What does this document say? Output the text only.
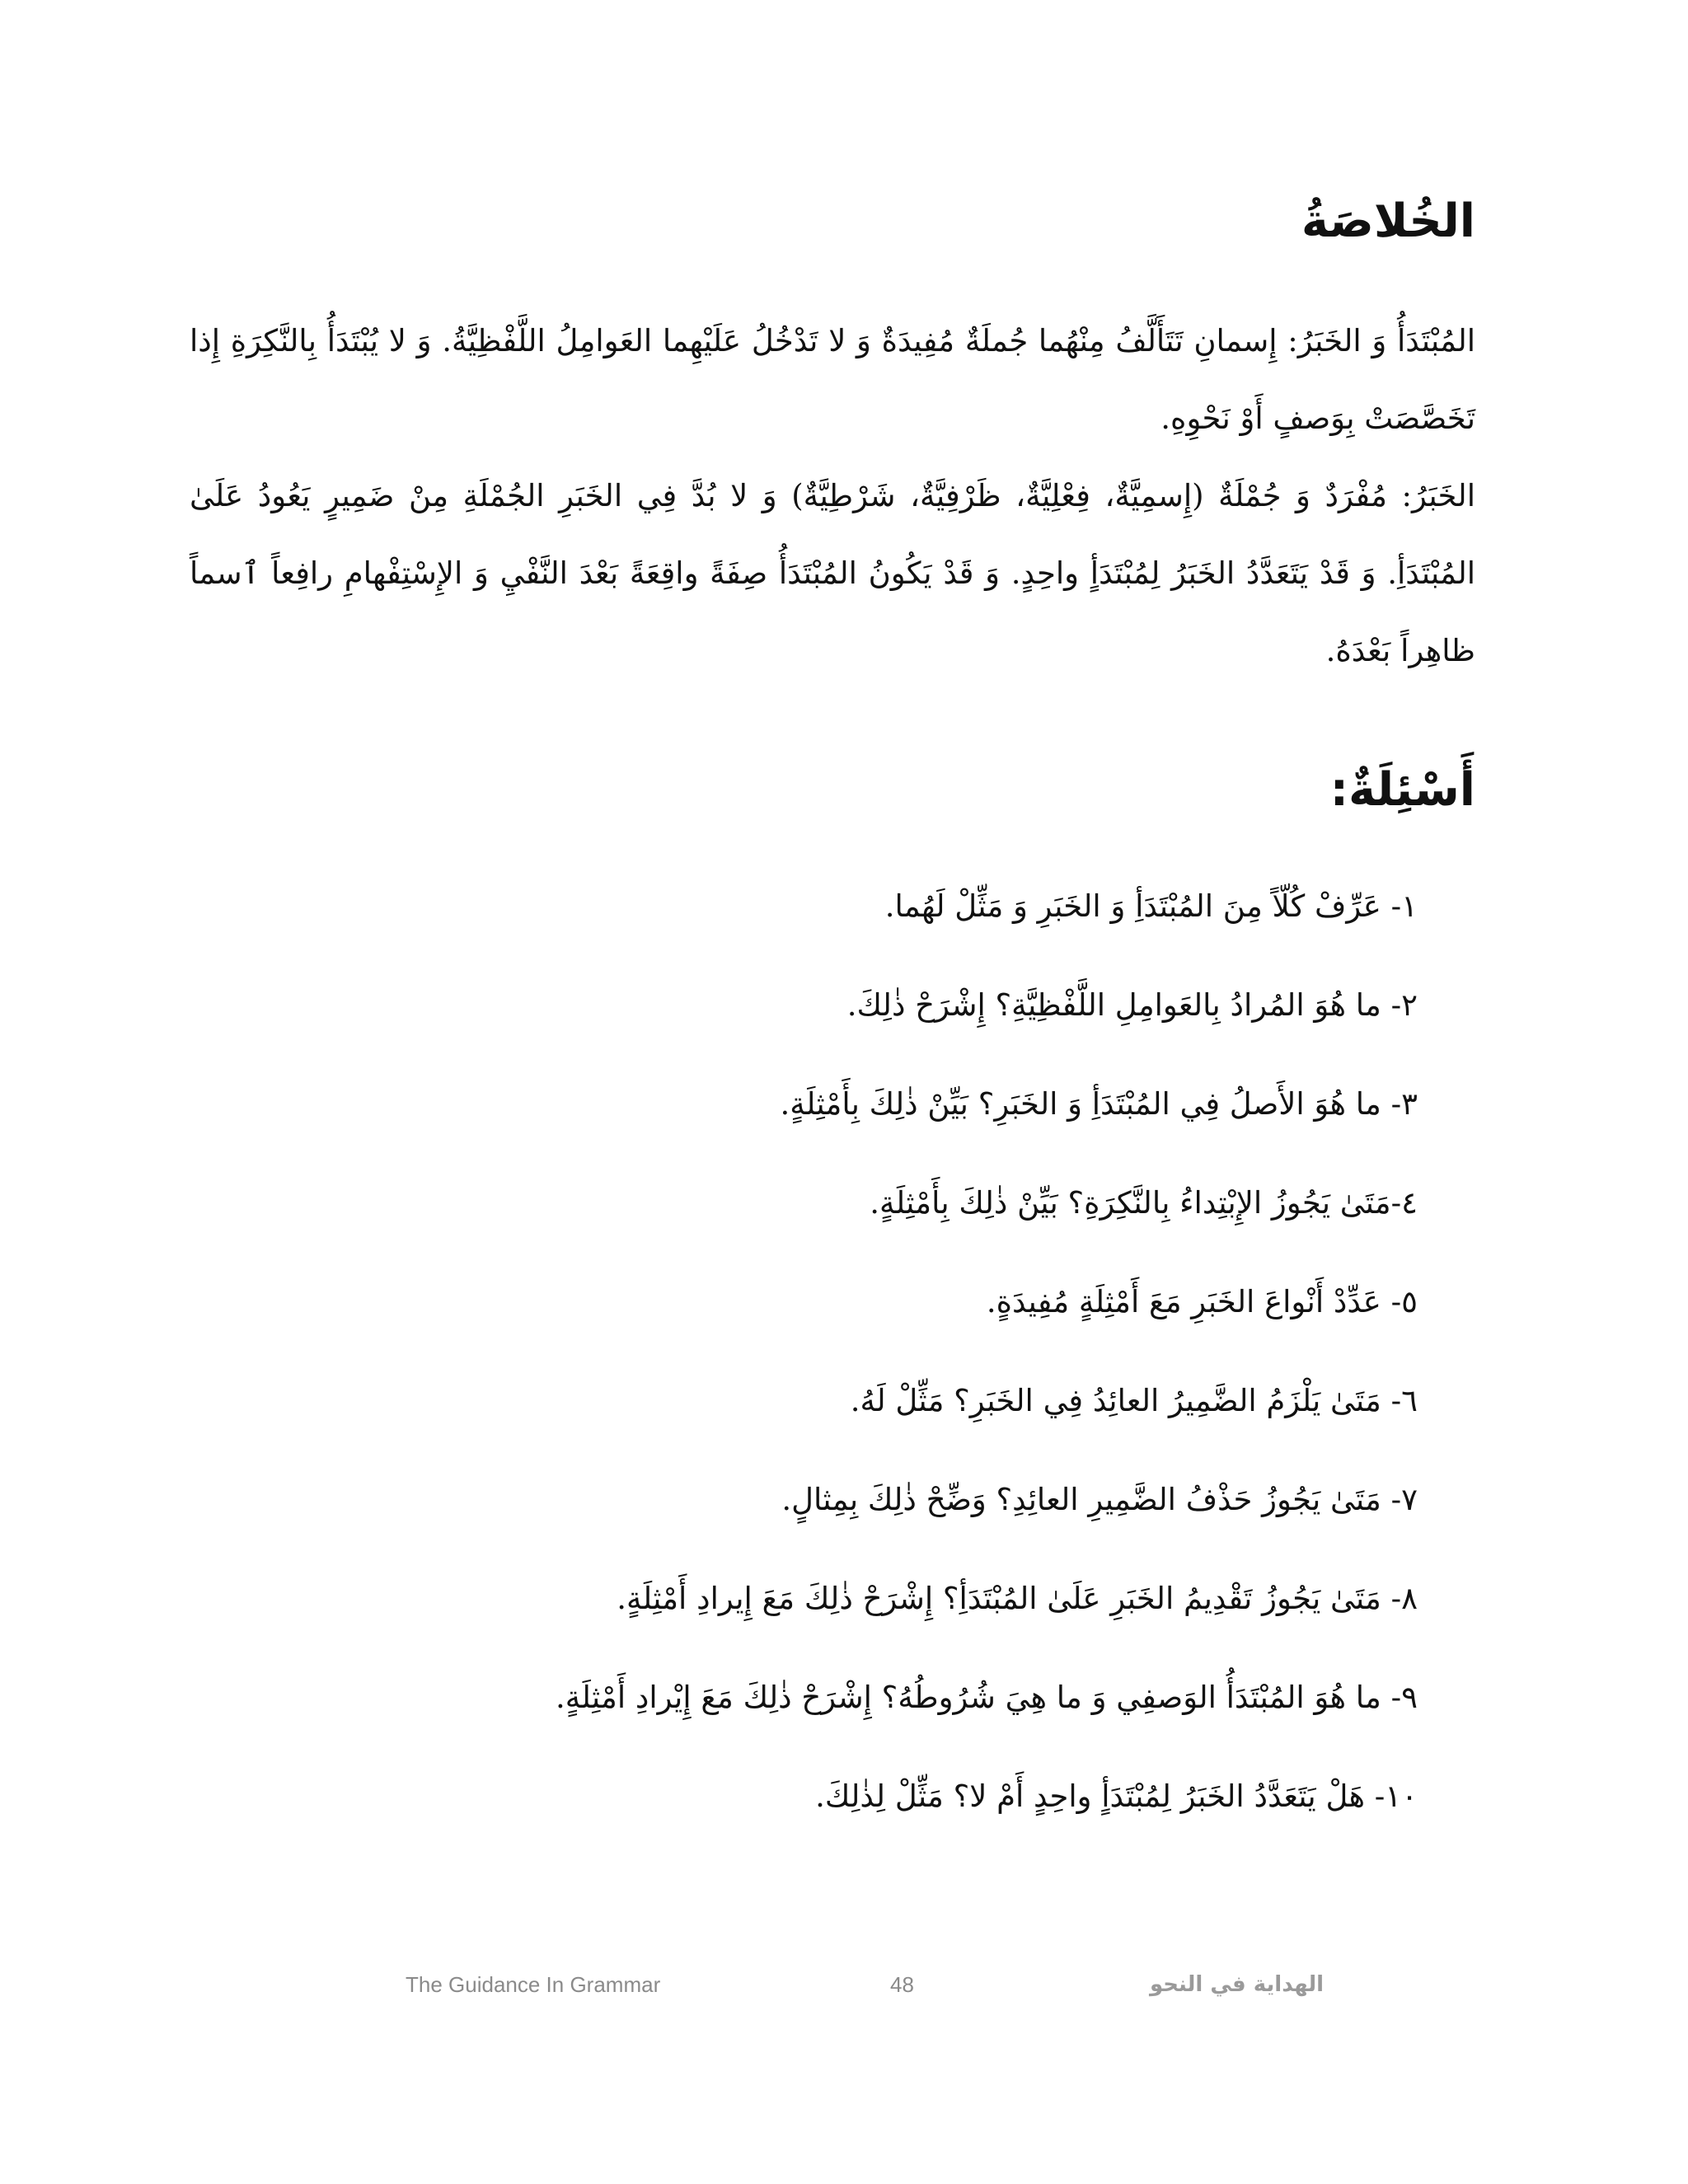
الخُلاصَةُ

المُبْتَدَأُ وَ الخَبَرُ: إِسمانِ تَتَأَلَّفُ مِنْهُما جُملَةٌ مُفِيدَةٌ وَ لا تَدْخُلُ عَلَيْهِما العَوامِلُ اللَّفْظِيَّةُ. وَ لا يُبْتَدَأُ بِالنَّكِرَةِ إِذا تَخَصَّصَتْ بِوَصفٍ أَوْ نَحْوِهِ.

الخَبَرُ: مُفْرَدٌ وَ جُمْلَةٌ (إِسمِيَّةٌ، فِعْلِيَّةٌ، ظَرْفِيَّةٌ، شَرْطِيَّةٌ) وَ لا بُدَّ فِي الخَبَرِ الجُمْلَةِ مِنْ ضَمِيرٍ يَعُودُ عَلَىٰ المُبْتَدَأِ. وَ قَدْ يَتَعَدَّدُ الخَبَرُ لِمُبْتَدَأٍ واحِدٍ. وَ قَدْ يَكُونُ المُبْتَدَأُ صِفَةً واقِعَةً بَعْدَ النَّفْيِ وَ الإِسْتِفْهامِ رافِعاً ٱسماً ظاهِراً بَعْدَهُ.

أَسْئِلَةٌ:
١- عَرِّفْ كُلّاً مِنَ المُبْتَدَأِ وَ الخَبَرِ وَ مَثِّلْ لَهُما.
٢- ما هُوَ المُرادُ بِالعَوامِلِ اللَّفْظِيَّةِ؟ إِشْرَحْ ذٰلِكَ.
٣- ما هُوَ الأَصلُ فِي المُبْتَدَأِ وَ الخَبَرِ؟ بَيِّنْ ذٰلِكَ بِأَمْثِلَةٍ.
٤-مَتَىٰ يَجُوزُ الإِبْتِداءُ بِالنَّكِرَةِ؟ بَيِّنْ ذٰلِكَ بِأَمْثِلَةٍ.
٥- عَدِّدْ أَنْواعَ الخَبَرِ مَعَ أَمْثِلَةٍ مُفِيدَةٍ.
٦- مَتَىٰ يَلْزَمُ الضَّمِيرُ العائِدُ فِي الخَبَرِ؟ مَثِّلْ لَهُ.
٧- مَتَىٰ يَجُوزُ حَذْفُ الضَّمِيرِ العائِدِ؟ وَضِّحْ ذٰلِكَ بِمِثالٍ.
٨- مَتَىٰ يَجُوزُ تَقْدِيمُ الخَبَرِ عَلَىٰ المُبْتَدَأِ؟ إِشْرَحْ ذٰلِكَ مَعَ إِيرادِ أَمْثِلَةٍ.
٩- ما هُوَ المُبْتَدَأُ الوَصفِي وَ ما هِيَ شُرُوطُهُ؟ إِشْرَحْ ذٰلِكَ مَعَ إِيْرادِ أَمْثِلَةٍ.
١٠- هَلْ يَتَعَدَّدُ الخَبَرُ لِمُبْتَدَأٍ واحِدٍ أَمْ لا؟ مَثِّلْ لِذٰلِكَ.
The Guidance In Grammar	48	الهداية في النحو
